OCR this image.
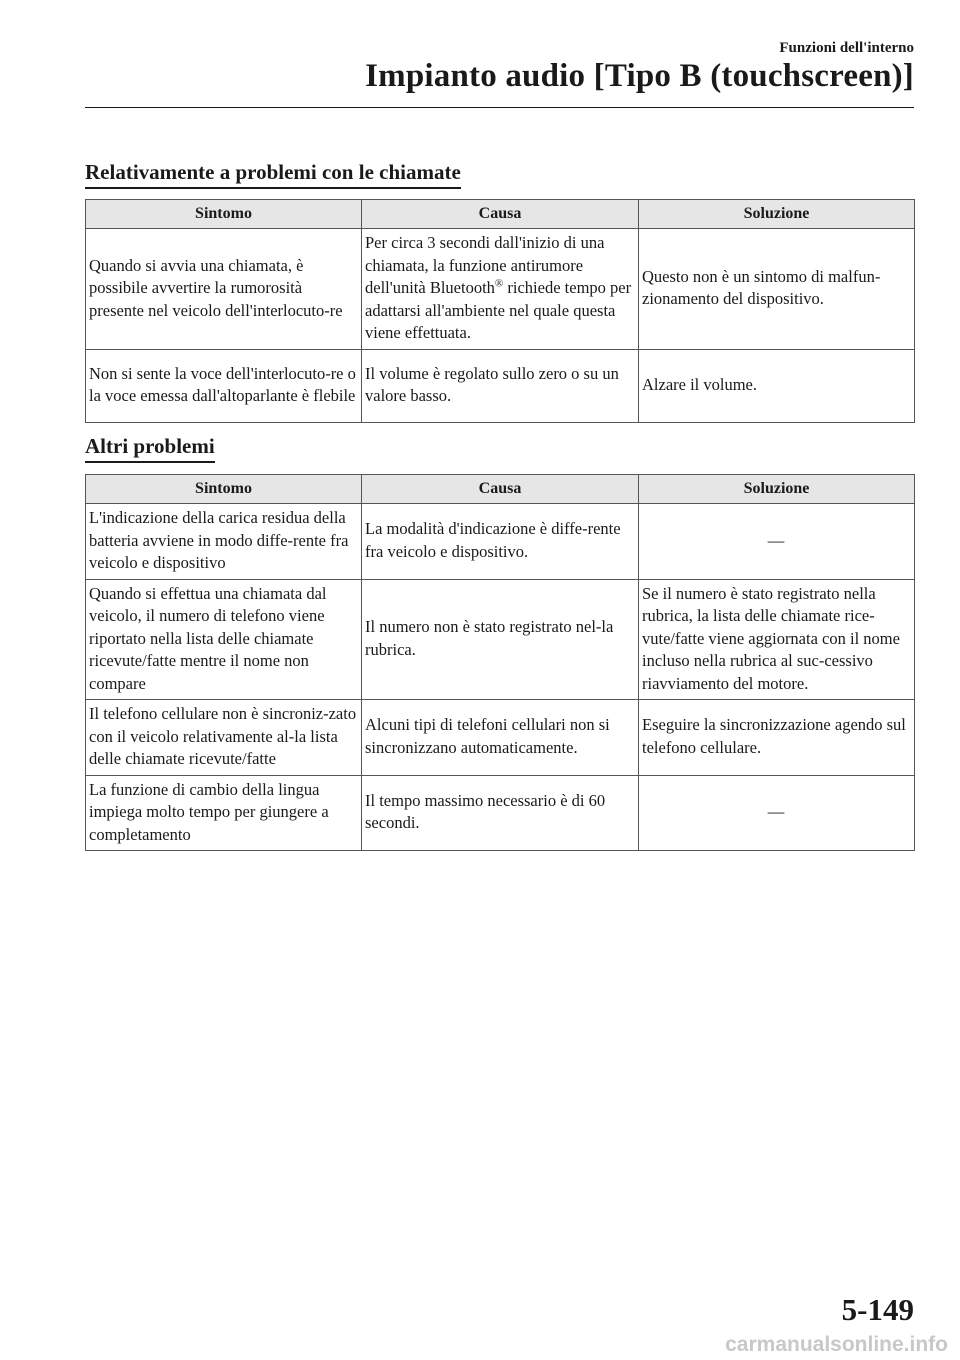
Funzioni dell'interno
Impianto audio [Tipo B (touchscreen)]
Relativamente a problemi con le chiamate
Sintomo	Causa	Soluzione
Quando si avvia una chiamata, è possibile avvertire la rumorosità presente nel veicolo dell'interlocuto-re	Per circa 3 secondi dall'inizio di una chiamata, la funzione antirumore dell'unità Bluetooth® richiede tempo per adattarsi all'ambiente nel quale questa viene effettuata.	Questo non è un sintomo di malfun-zionamento del dispositivo.
Non si sente la voce dell'interlocuto-re o la voce emessa dall'altoparlante è flebile	Il volume è regolato sullo zero o su un valore basso.	Alzare il volume.
Altri problemi
Sintomo	Causa	Soluzione
L'indicazione della carica residua della batteria avviene in modo diffe-rente fra veicolo e dispositivo	La modalità d'indicazione è diffe-rente fra veicolo e dispositivo.	—
Quando si effettua una chiamata dal veicolo, il numero di telefono viene riportato nella lista delle chiamate ricevute/fatte mentre il nome non compare	Il numero non è stato registrato nel-la rubrica.	Se il numero è stato registrato nella rubrica, la lista delle chiamate rice-vute/fatte viene aggiornata con il nome incluso nella rubrica al suc-cessivo riavviamento del motore.
Il telefono cellulare non è sincroniz-zato con il veicolo relativamente al-la lista delle chiamate ricevute/fatte	Alcuni tipi di telefoni cellulari non si sincronizzano automaticamente.	Eseguire la sincronizzazione agendo sul telefono cellulare.
La funzione di cambio della lingua impiega molto tempo per giungere a completamento	Il tempo massimo necessario è di 60 secondi.	—
5-149
carmanualsonline.info
